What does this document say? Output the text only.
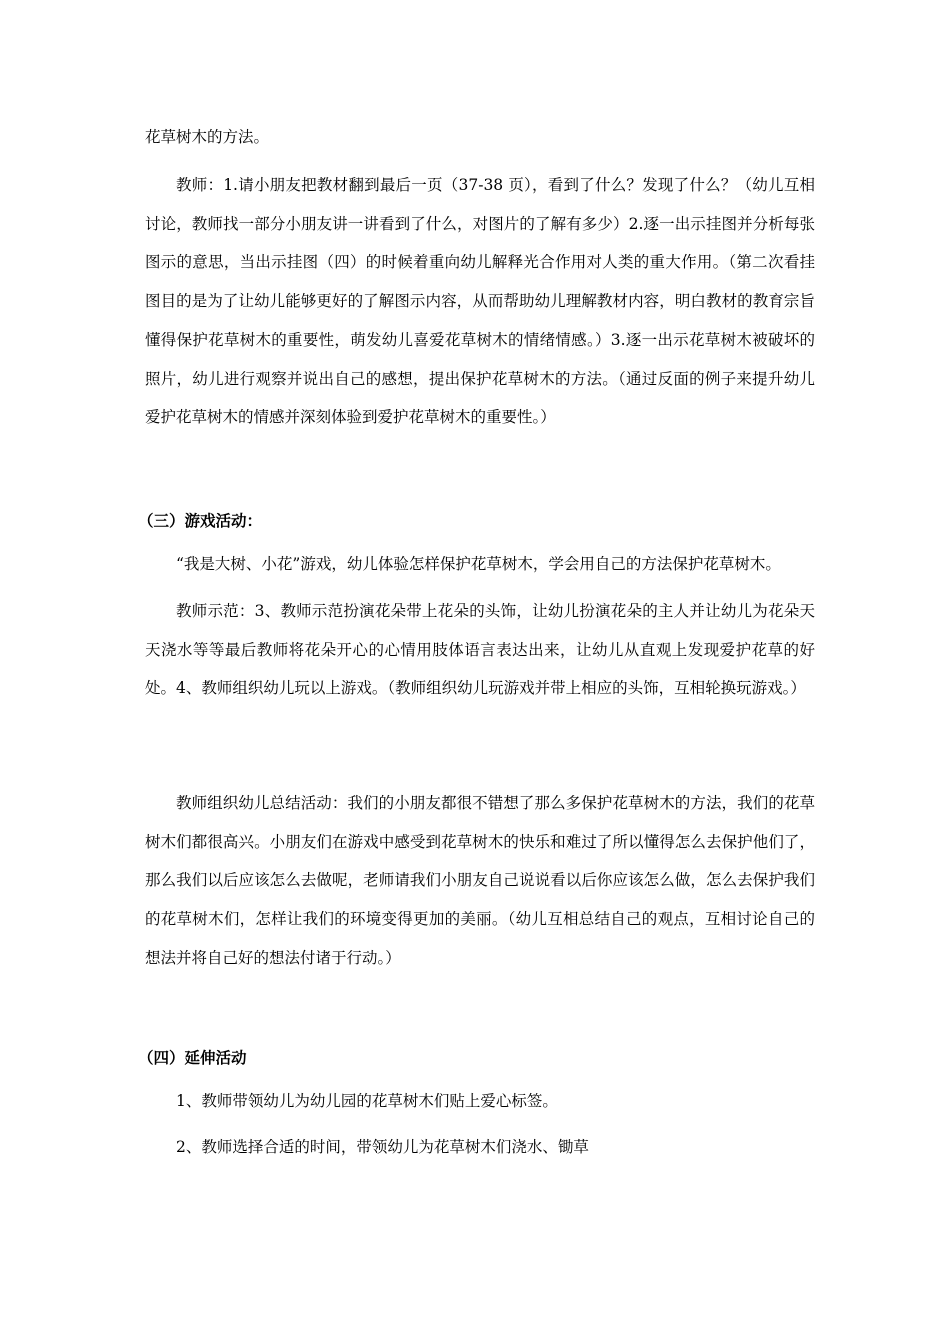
花草树木的方法。

教师：1.请小朋友把教材翻到最后一页（37-38 页），看到了什么？发现了什么？（幼儿互相讨论，教师找一部分小朋友讲一讲看到了什么，对图片的了解有多少）2.逐一出示挂图并分析每张图示的意思，当出示挂图（四）的时候着重向幼儿解释光合作用对人类的重大作用。（第二次看挂图目的是为了让幼儿能够更好的了解图示内容，从而帮助幼儿理解教材内容，明白教材的教育宗旨懂得保护花草树木的重要性，萌发幼儿喜爱花草树木的情绪情感。）3.逐一出示花草树木被破坏的照片，幼儿进行观察并说出自己的感想，提出保护花草树木的方法。（通过反面的例子来提升幼儿爱护花草树木的情感并深刻体验到爱护花草树木的重要性。）

（三）游戏活动：

“我是大树、小花”游戏，幼儿体验怎样保护花草树木，学会用自己的方法保护花草树木。

教师示范：3、教师示范扮演花朵带上花朵的头饰，让幼儿扮演花朵的主人并让幼儿为花朵天天浇水等等最后教师将花朵开心的心情用肢体语言表达出来，让幼儿从直观上发现爱护花草的好处。4、教师组织幼儿玩以上游戏。（教师组织幼儿玩游戏并带上相应的头饰，互相轮换玩游戏。）

教师组织幼儿总结活动：我们的小朋友都很不错想了那么多保护花草树木的方法，我们的花草树木们都很高兴。小朋友们在游戏中感受到花草树木的快乐和难过了所以懂得怎么去保护他们了，那么我们以后应该怎么去做呢，老师请我们小朋友自己说说看以后你应该怎么做，怎么去保护我们的花草树木们，怎样让我们的环境变得更加的美丽。（幼儿互相总结自己的观点，互相讨论自己的想法并将自己好的想法付诸于行动。）

（四）延伸活动

1、教师带领幼儿为幼儿园的花草树木们贴上爱心标签。

2、教师选择合适的时间，带领幼儿为花草树木们浇水、锄草
